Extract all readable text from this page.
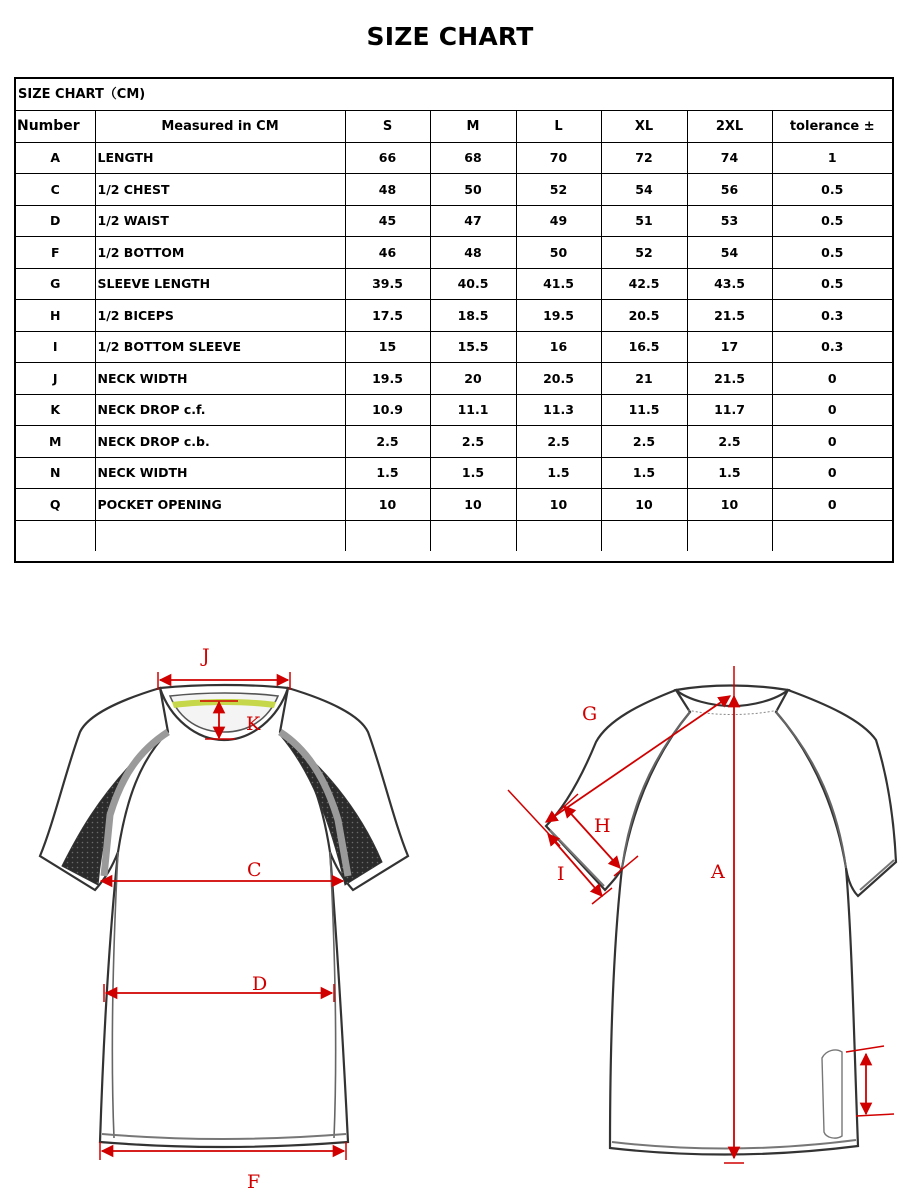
SIZE CHART
SIZE CHART（CM)
Number	Measured in CM	S	M	L	XL	2XL	tolerance ±
A	LENGTH	66	68	70	72	74	1
C	1/2 CHEST	48	50	52	54	56	0.5
D	1/2 WAIST	45	47	49	51	53	0.5
F	1/2 BOTTOM	46	48	50	52	54	0.5
G	SLEEVE LENGTH	39.5	40.5	41.5	42.5	43.5	0.5
H	1/2 BICEPS	17.5	18.5	19.5	20.5	21.5	0.3
I	1/2 BOTTOM SLEEVE	15	15.5	16	16.5	17	0.3
J	NECK WIDTH	19.5	20	20.5	21	21.5	0
K	NECK DROP c.f.	10.9	11.1	11.3	11.5	11.7	0
M	NECK DROP c.b.	2.5	2.5	2.5	2.5	2.5	0
N	NECK WIDTH	1.5	1.5	1.5	1.5	1.5	0
Q	POCKET OPENING	10	10	10	10	10	0

J
K
C
D
F
A
G
H
I
